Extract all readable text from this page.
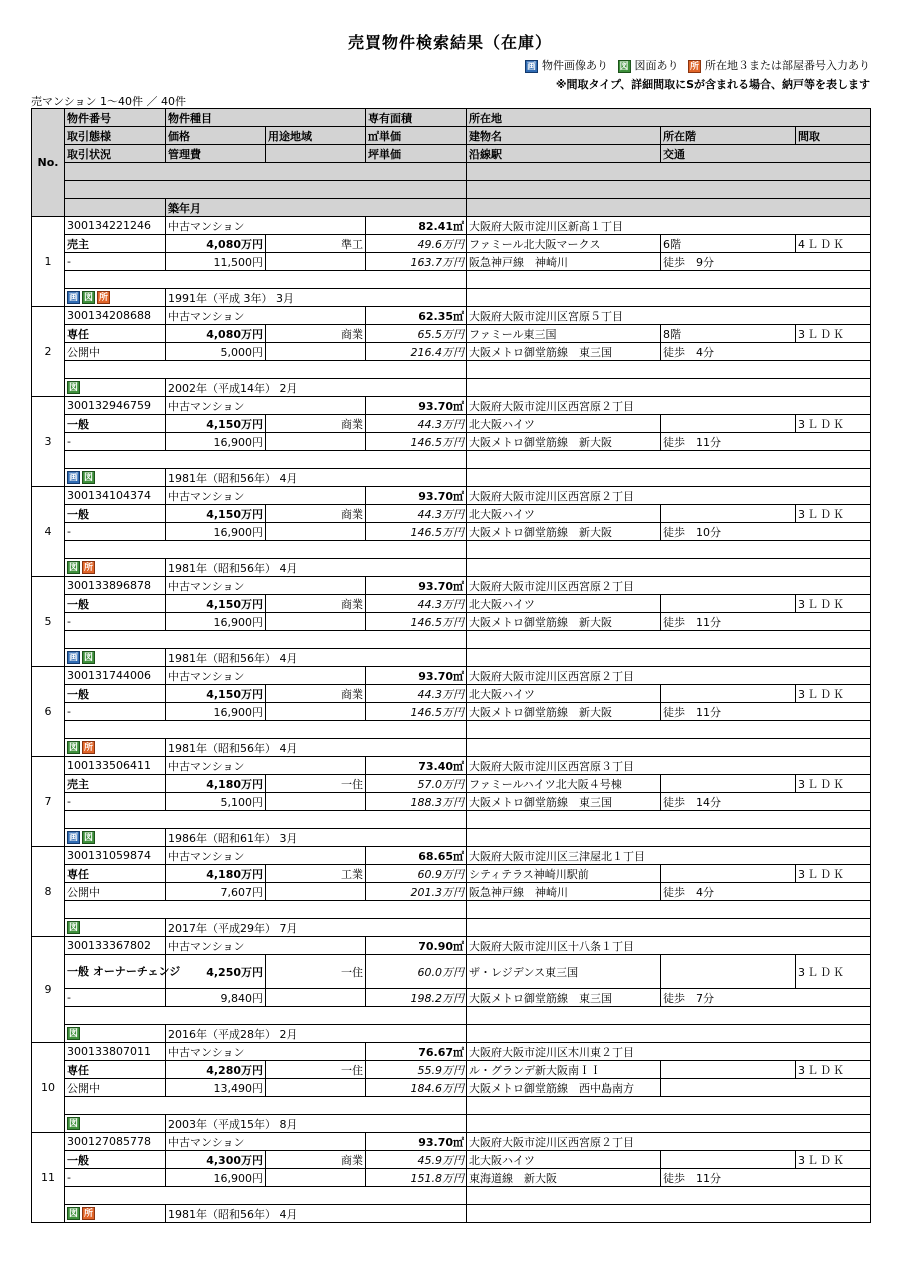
売買物件検索結果（在庫）
画 物件画像あり 図 図面あり 所 所在地３または部屋番号入力あり
※間取タイプ、詳細間取にSが含まれる場合、納戸等を表します
売マンション 1〜40件 ／ 40件
No.	物件番号	物件種目		専有面積	所在地		
	取引態様	価格	用途地域	㎡単価	建物名	所在階	間取
	取引状況	管理費		坪単価	沿線駅	交通	

		築年月					
1	300134221246	中古マンション		82.41㎡	大阪府大阪市淀川区新高１丁目		
	売主	4,080万円	準工	49.6万円	ファミール北大阪マークス	6階	4ＬＤＫ
	-	11,500円		163.7万円	阪急神戸線　神崎川	徒歩　9分	

	画 図 所	1991年（平成 3年） 3月					
2	300134208688	中古マンション		62.35㎡	大阪府大阪市淀川区宮原５丁目		
	専任	4,080万円	商業	65.5万円	ファミール東三国	8階	3ＬＤＫ
	公開中	5,000円		216.4万円	大阪メトロ御堂筋線　東三国	徒歩　4分	

	図	2002年（平成14年） 2月					
3	300132946759	中古マンション		93.70㎡	大阪府大阪市淀川区西宮原２丁目		
	一般	4,150万円	商業	44.3万円	北大阪ハイツ		3ＬＤＫ
	-	16,900円		146.5万円	大阪メトロ御堂筋線　新大阪	徒歩　11分	

	画 図	1981年（昭和56年） 4月					
4	300134104374	中古マンション		93.70㎡	大阪府大阪市淀川区西宮原２丁目		
	一般	4,150万円	商業	44.3万円	北大阪ハイツ		3ＬＤＫ
	-	16,900円		146.5万円	大阪メトロ御堂筋線　新大阪	徒歩　10分	

	図 所	1981年（昭和56年） 4月					
5	300133896878	中古マンション		93.70㎡	大阪府大阪市淀川区西宮原２丁目		
	一般	4,150万円	商業	44.3万円	北大阪ハイツ		3ＬＤＫ
	-	16,900円		146.5万円	大阪メトロ御堂筋線　新大阪	徒歩　11分	

	画 図	1981年（昭和56年） 4月					
6	300131744006	中古マンション		93.70㎡	大阪府大阪市淀川区西宮原２丁目		
	一般	4,150万円	商業	44.3万円	北大阪ハイツ		3ＬＤＫ
	-	16,900円		146.5万円	大阪メトロ御堂筋線　新大阪	徒歩　11分	

	図 所	1981年（昭和56年） 4月					
7	100133506411	中古マンション		73.40㎡	大阪府大阪市淀川区西宮原３丁目		
	売主	4,180万円	一住	57.0万円	ファミールハイツ北大阪４号棟		3ＬＤＫ
	-	5,100円		188.3万円	大阪メトロ御堂筋線　東三国	徒歩　14分	

	画 図	1986年（昭和61年） 3月					
8	300131059874	中古マンション		68.65㎡	大阪府大阪市淀川区三津屋北１丁目		
	専任	4,180万円	工業	60.9万円	シティテラス神崎川駅前		3ＬＤＫ
	公開中	7,607円		201.3万円	阪急神戸線　神崎川	徒歩　4分	

	図	2017年（平成29年） 7月					
9	300133367802	中古マンション		70.90㎡	大阪府大阪市淀川区十八条１丁目		
	一般 オーナーチェンジ	4,250万円	一住	60.0万円	ザ・レジデンス東三国		3ＬＤＫ
	-	9,840円		198.2万円	大阪メトロ御堂筋線　東三国	徒歩　7分	

	図	2016年（平成28年） 2月					
10	300133807011	中古マンション		76.67㎡	大阪府大阪市淀川区木川東２丁目		
	専任	4,280万円	一住	55.9万円	ル・グランデ新大阪南ＩＩ		3ＬＤＫ
	公開中	13,490円		184.6万円	大阪メトロ御堂筋線　西中島南方		

	図	2003年（平成15年） 8月					
11	300127085778	中古マンション		93.70㎡	大阪府大阪市淀川区西宮原２丁目		
	一般	4,300万円	商業	45.9万円	北大阪ハイツ		3ＬＤＫ
	-	16,900円		151.8万円	東海道線　新大阪	徒歩　11分	

	図 所	1981年（昭和56年） 4月					
